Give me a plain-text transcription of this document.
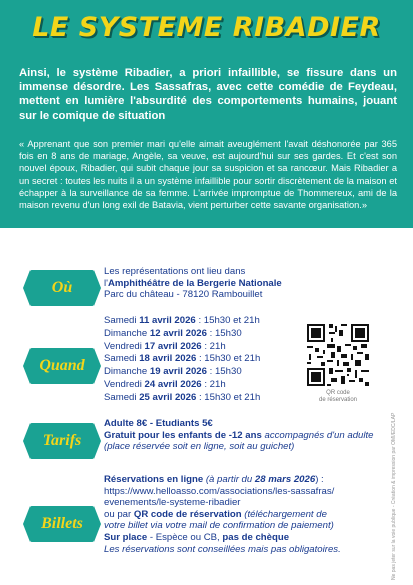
LE SYSTEME RIBADIER

Ainsi, le système Ribadier, a priori infaillible, se fissure dans un immense désordre. Les Sassafras, avec cette comédie de Feydeau, mettent en lumière l'absurdité des comportements humains, jouant sur le comique de situation

« Apprenant que son premier mari qu'elle aimait aveuglément l'avait déshonorée par 365 fois en 8 ans de mariage, Angèle, sa veuve, est aujourd'hui sur ses gardes. Et c'est son nouvel époux, Ribadier, qui subit chaque jour sa suspicion et sa rancœur. Mais Ribadier a un secret : toutes les nuits il a un système infaillible pour sortir discrètement de la maison et échapper à la surveillance de sa femme. L'arrivée impromptue de Thommereux, ami de la maison revenu d'un long exil de Batavia, vient perturber cette savante organisation.»

Où
Les représentations ont lieu dans
l'Amphithéâtre de la Bergerie Nationale
Parc du château - 78120 Rambouillet
Quand
Samedi 11 avril 2026 : 15h30 et 21h
Dimanche 12 avril 2026 : 15h30
Vendredi 17 avril 2026 : 21h
Samedi 18 avril 2026 : 15h30 et 21h
Dimanche 19 avril 2026 : 15h30
Vendredi 24 avril 2026 : 21h
Samedi 25 avril 2026 : 15h30 et 21h	QR code
de réservation
Tarifs
Adulte 8€ - Etudiants 5€
Gratuit pour les enfants de -12 ans accompagnés d'un adulte
(place réservée soit en ligne, soit au guichet)
Billets
Réservations en ligne (à partir du 28 mars 2026) :
https://www.helloasso.com/associations/les-sassafras/
evenements/le-systeme-ribadier
ou par QR code de réservation (téléchargement de
votre billet via votre mail de confirmation de paiement)
Sur place - Espèce ou CB, pas de chèque
Les réservations sont conseillées mais pas obligatoires.	Ne pas jeter sur la voie publique - Création & impression par OMI/EDC/LAP
